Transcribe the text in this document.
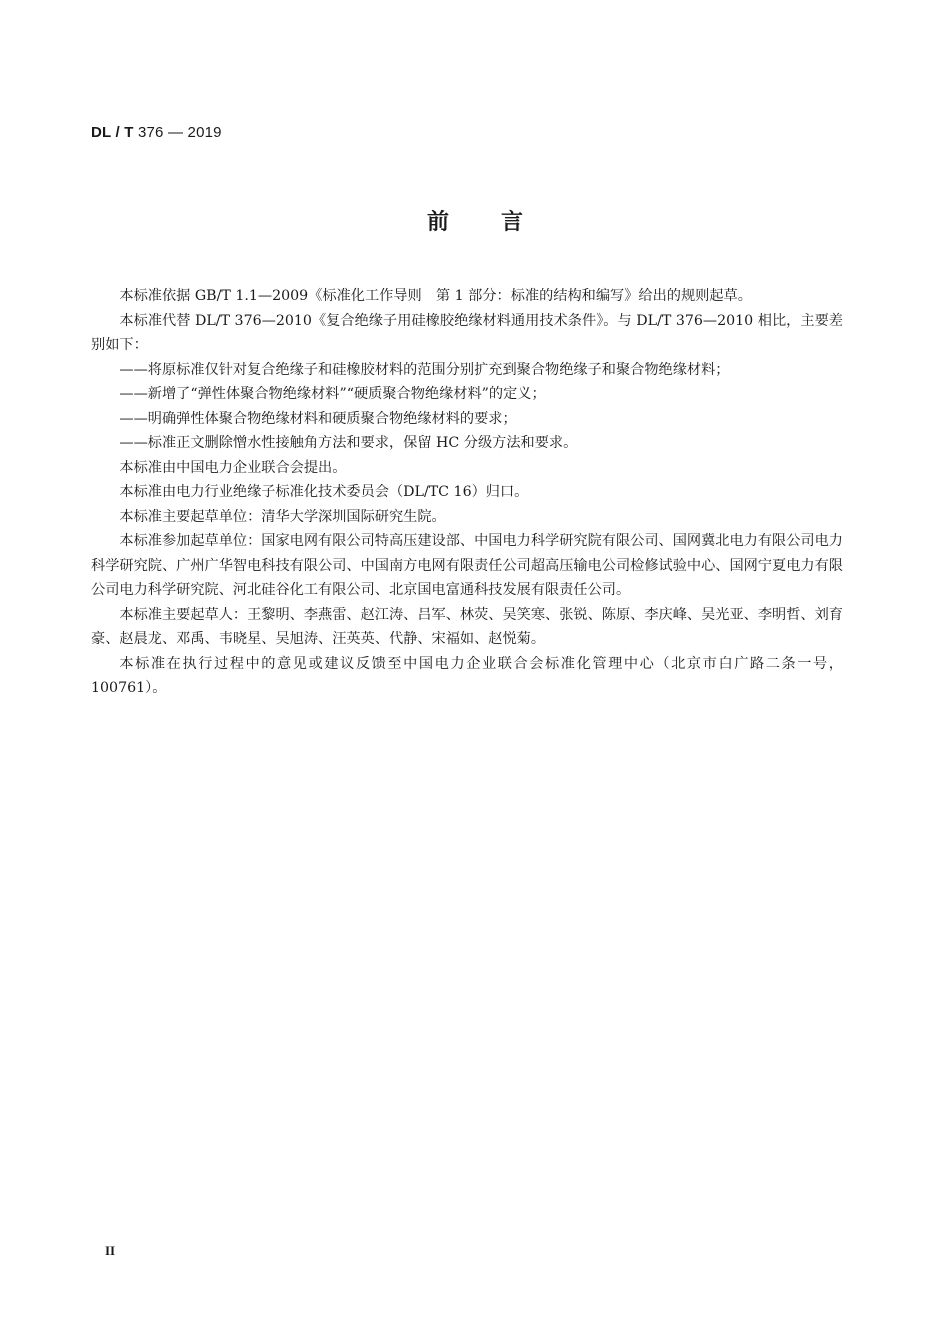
DL / T 376 — 2019
前言

本标准依据 GB/T 1.1—2009《标准化工作导则　第 1 部分：标准的结构和编写》给出的规则起草。

本标准代替 DL/T 376—2010《复合绝缘子用硅橡胶绝缘材料通用技术条件》。与 DL/T 376—2010 相比，主要差别如下：

——将原标准仅针对复合绝缘子和硅橡胶材料的范围分别扩充到聚合物绝缘子和聚合物绝缘材料；

——新增了“弹性体聚合物绝缘材料”“硬质聚合物绝缘材料”的定义；

——明确弹性体聚合物绝缘材料和硬质聚合物绝缘材料的要求；

——标准正文删除憎水性接触角方法和要求，保留 HC 分级方法和要求。

本标准由中国电力企业联合会提出。

本标准由电力行业绝缘子标准化技术委员会（DL/TC 16）归口。

本标准主要起草单位：清华大学深圳国际研究生院。

本标准参加起草单位：国家电网有限公司特高压建设部、中国电力科学研究院有限公司、国网冀北电力有限公司电力科学研究院、广州广华智电科技有限公司、中国南方电网有限责任公司超高压输电公司检修试验中心、国网宁夏电力有限公司电力科学研究院、河北硅谷化工有限公司、北京国电富通科技发展有限责任公司。

本标准主要起草人：王黎明、李燕雷、赵江涛、吕军、林荧、吴笑寒、张锐、陈原、李庆峰、吴光亚、李明哲、刘育豪、赵晨龙、邓禹、韦晓星、吴旭涛、汪英英、代静、宋福如、赵悦菊。

本标准在执行过程中的意见或建议反馈至中国电力企业联合会标准化管理中心（北京市白广路二条一号，100761）。

II
